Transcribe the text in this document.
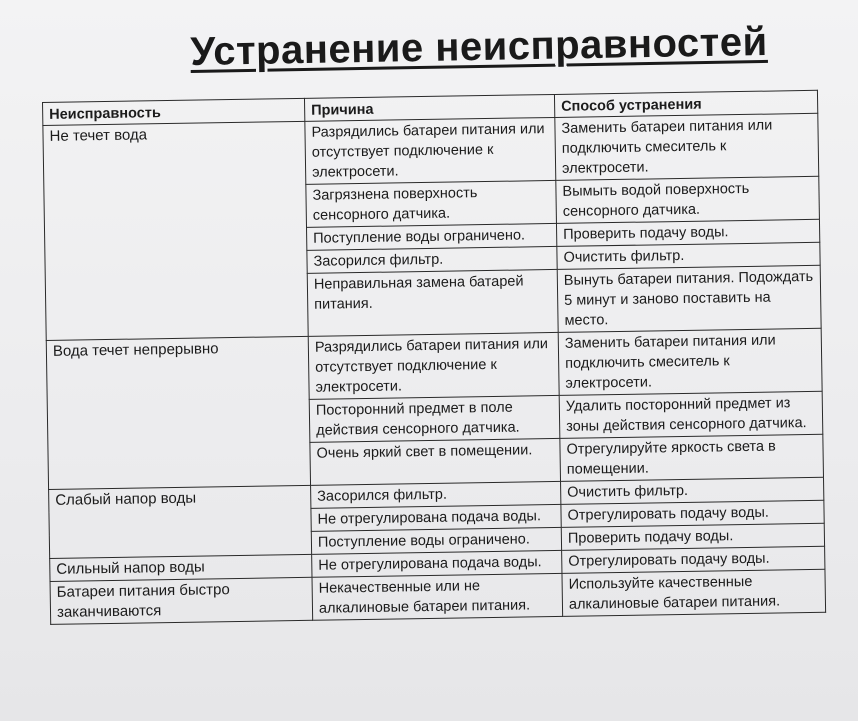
Устранение неисправностей
Неисправность	Причина	Способ устранения
Не течет вода	Разрядились батареи питания или отсутствует подключение к электросети.	Заменить батареи питания или подключить смеситель к электросети.
	Загрязнена поверхность сенсорного датчика.	Вымыть водой поверхность сенсорного датчика.
	Поступление воды ограничено.	Проверить подачу воды.
	Засорился фильтр.	Очистить фильтр.
	Неправильная замена батарей питания.	Вынуть батареи питания. Подождать 5 минут и заново поставить на место.
Вода течет непрерывно	Разрядились батареи питания или отсутствует подключение к электросети.	Заменить батареи питания или подключить смеситель к электросети.
	Посторонний предмет в поле действия сенсорного датчика.	Удалить посторонний предмет из зоны действия сенсорного датчика.
	Очень яркий свет в помещении.	Отрегулируйте яркость света в помещении.
Слабый напор воды	Засорился фильтр.	Очистить фильтр.
	Не отрегулирована подача воды.	Отрегулировать подачу воды.
	Поступление воды ограничено.	Проверить подачу воды.
Сильный напор воды	Не отрегулирована подача воды.	Отрегулировать подачу воды.
Батареи питания быстро заканчиваются	Некачественные или не алкалиновые батареи питания.	Используйте качественные алкалиновые батареи питания.
